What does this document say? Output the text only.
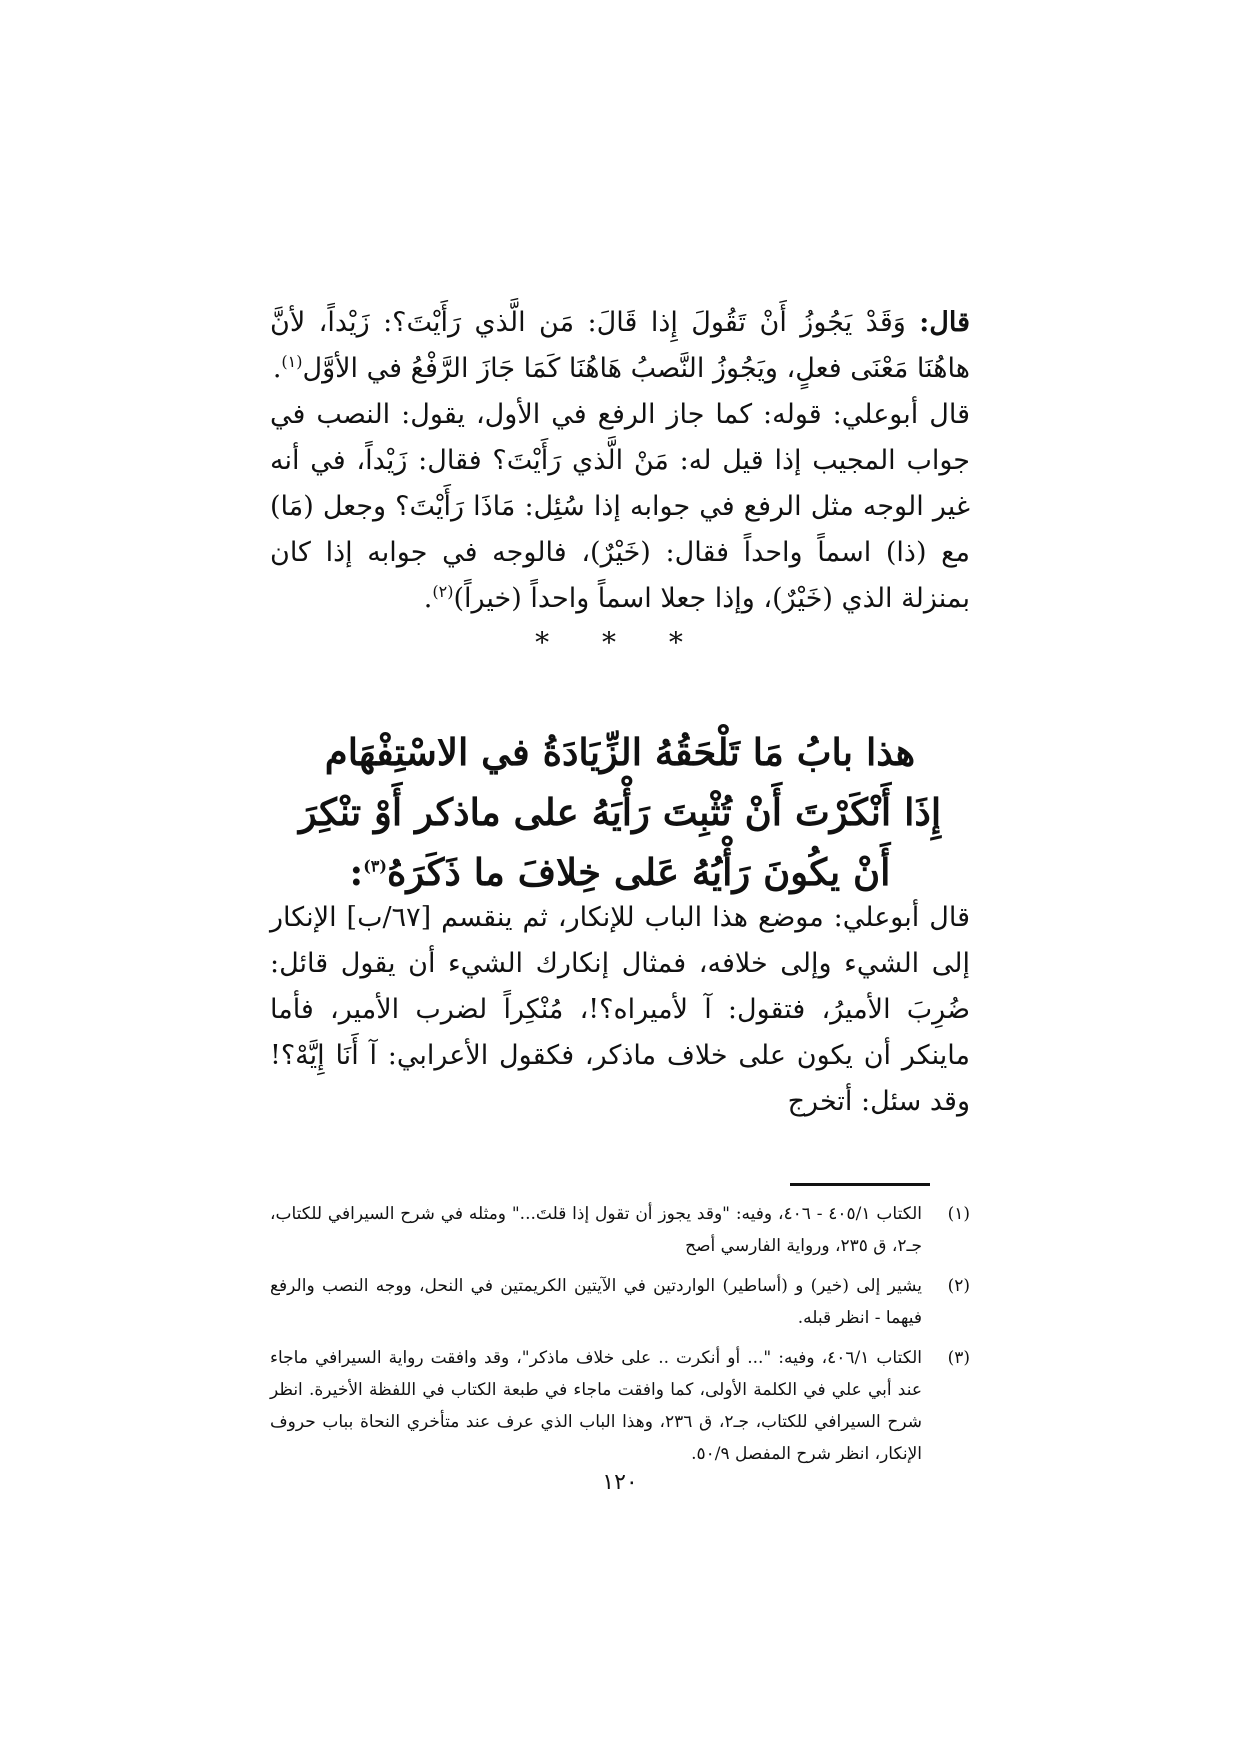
قال: وَقَدْ يَجُوزُ أَنْ تَقُولَ إِذا قَالَ: مَن الَّذي رَأَيْتَ؟: زَيْداً، لأنَّ هاهُنَا مَعْنَى فعلٍ، ويَجُوزُ النَّصبُ هَاهُنَا كَمَا جَازَ الرَّفْعُ في الأوَّل$^{(١)}$.

قال أبوعلي: قوله: كما جاز الرفع في الأول، يقول: النصب في جواب المجيب إذا قيل له: مَنْ الَّذي رَأَيْتَ؟ فقال: زَيْداً، في أنه غير الوجه مثل الرفع في جوابه إذا سُئِل: مَاذَا رَأَيْتَ؟ وجعل (مَا) مع (ذا) اسماً واحداً فقال: (خَيْرٌ)، فالوجه في جوابه إذا كان بمنزلة الذي (خَيْرٌ)، وإذا جعلا اسماً واحداً (خيراً)$^{(٢)}$.

* * *
هذا بابُ مَا تَلْحَقُهُ الزِّيَادَةُ في الاسْتِفْهَام
إِذَا أَنْكَرْتَ أَنْ تُثْبِتَ رَأْيَهُ على ماذكر أَوْ تنْكِرَ
أَنْ يكُونَ رَأْيُهُ عَلى خِلافَ ما ذَكَرَهُ$^{(٣)}$:

قال أبوعلي: موضع هذا الباب للإنكار، ثم ينقسم [٦٧/ب] الإنكار إلى الشيء وإلى خلافه، فمثال إنكارك الشيء أن يقول قائل: ضُرِبَ الأميرُ، فتقول: آ لأميراه؟!، مُنْكِراً لضرب الأمير، فأما ماينكر أن يكون على خلاف ماذكر، فكقول الأعرابي: آ أَنَا إِيَّهْ؟! وقد سئل: أتخرج

(١)
الكتاب ٤٠٥/١ - ٤٠٦، وفيه: "وقد يجوز أن تقول إذا قلتَ..." ومثله في شرح السيرافي للكتاب، جـ٢، ق ٢٣٥، ورواية الفارسي أصح
(٢)
يشير إلى (خير) و (أساطير) الواردتين في الآيتين الكريمتين في النحل، ووجه النصب والرفع فيهما - انظر قبله.
(٣)
الكتاب ٤٠٦/١، وفيه: "... أو أنكرت .. على خلاف ماذكر"، وقد وافقت رواية السيرافي ماجاء عند أبي علي في الكلمة الأولى، كما وافقت ماجاء في طبعة الكتاب في اللفظة الأخيرة. انظر شرح السيرافي للكتاب، جـ٢، ق ٢٣٦، وهذا الباب الذي عرف عند متأخري النحاة بباب حروف الإنكار، انظر شرح المفصل ٥٠/٩.
١٢٠
